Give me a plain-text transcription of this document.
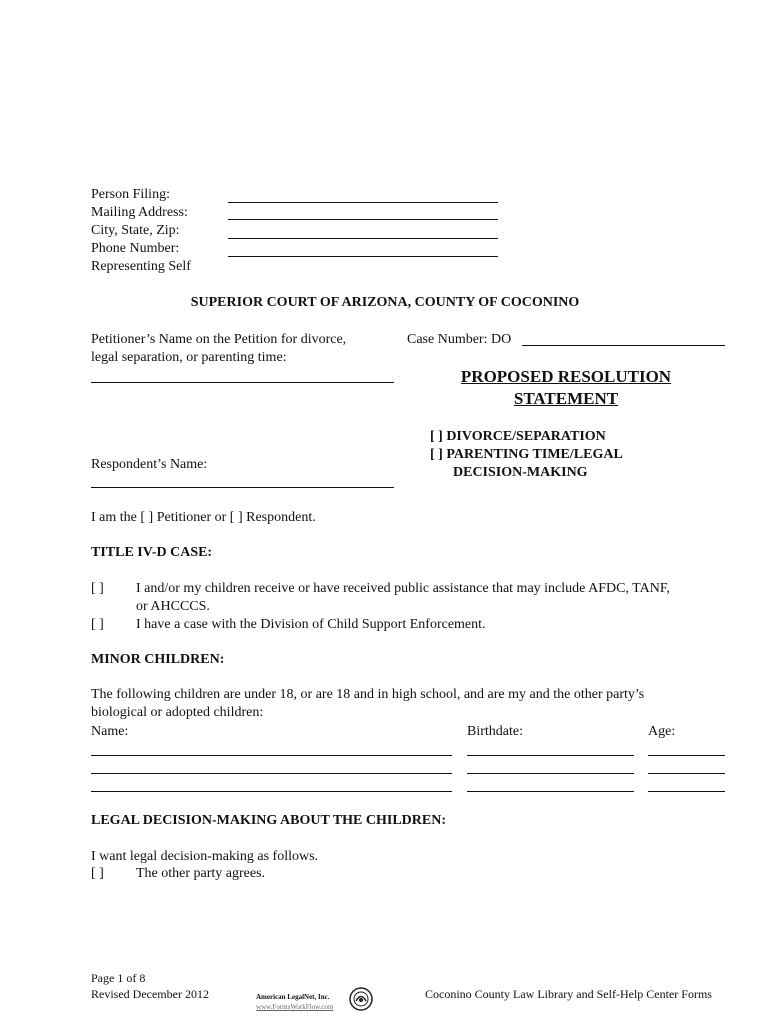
Person Filing:
Mailing Address:
City, State, Zip:
Phone Number:
Representing Self
SUPERIOR COURT OF ARIZONA, COUNTY OF COCONINO
Petitioner’s Name on the Petition for divorce,
legal separation, or parenting time:
Case Number: DO
PROPOSED RESOLUTION
STATEMENT
[ ] DIVORCE/SEPARATION
[ ] PARENTING TIME/LEGAL
DECISION-MAKING
Respondent’s Name:
I am the [ ] Petitioner or [ ] Respondent.
TITLE IV-D CASE:
[ ] I and/or my children receive or have received public assistance that may include AFDC, TANF,
or AHCCCS.
[ ] I have a case with the Division of Child Support Enforcement.
MINOR CHILDREN:
The following children are under 18, or are 18 and in high school, and are my and the other party’s
biological or adopted children:
Name:	Birthdate:	Age:
LEGAL DECISION-MAKING ABOUT THE CHILDREN:
I want legal decision-making as follows.
[ ] The other party agrees.
Page 1 of 8
Revised December 2012	American LegalNet, Inc.
www.FormsWorkFlow.com
Coconino County Law Library and Self-Help Center Forms
